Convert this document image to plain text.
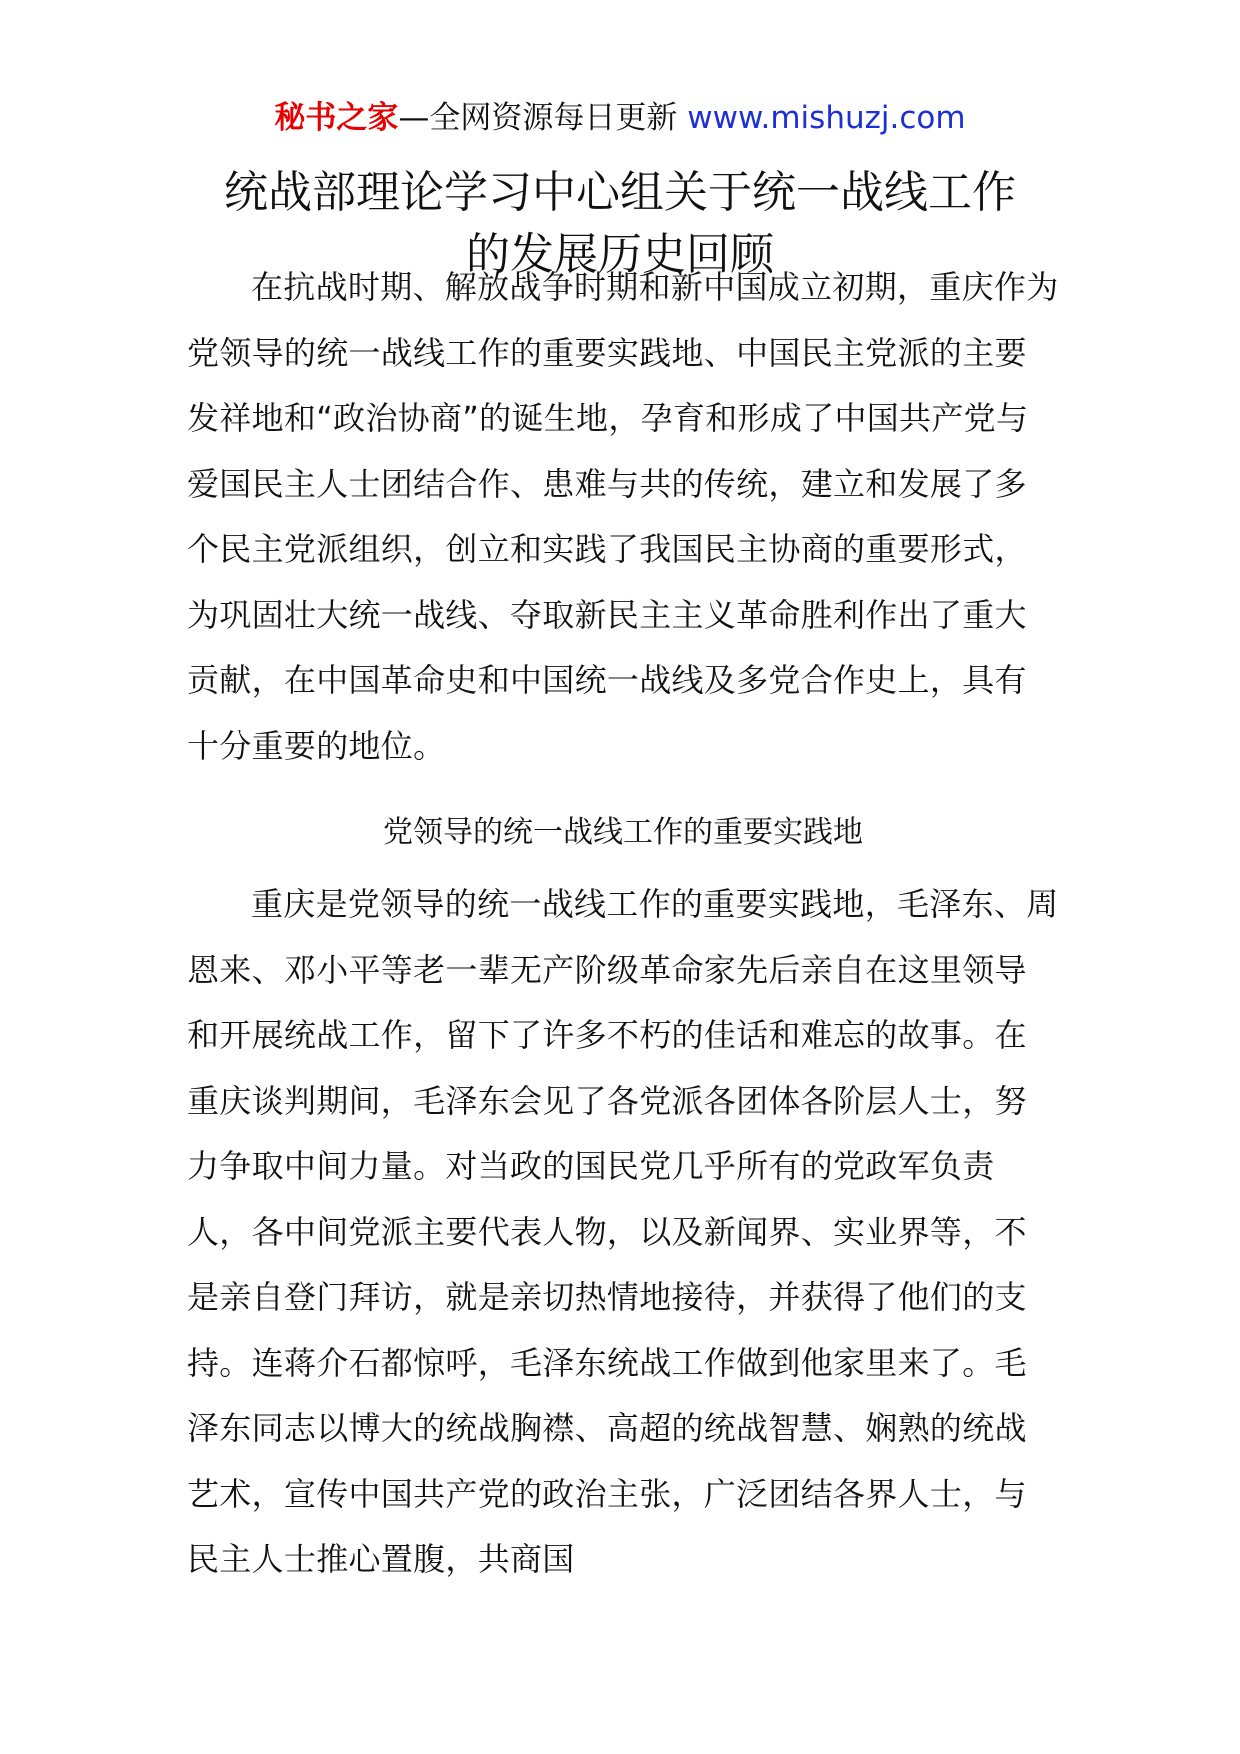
秘书之家—全网资源每日更新 www.mishuzj.com
统战部理论学习中心组关于统一战线工作
的发展历史回顾

在抗战时期、解放战争时期和新中国成立初期，重庆作为党领导的统一战线工作的重要实践地、中国民主党派的主要发祥地和“政治协商”的诞生地，孕育和形成了中国共产党与爱国民主人士团结合作、患难与共的传统，建立和发展了多个民主党派组织，创立和实践了我国民主协商的重要形式，为巩固壮大统一战线、夺取新民主主义革命胜利作出了重大贡献，在中国革命史和中国统一战线及多党合作史上，具有十分重要的地位。

党领导的统一战线工作的重要实践地

重庆是党领导的统一战线工作的重要实践地，毛泽东、周恩来、邓小平等老一辈无产阶级革命家先后亲自在这里领导和开展统战工作，留下了许多不朽的佳话和难忘的故事。在重庆谈判期间，毛泽东会见了各党派各团体各阶层人士，努力争取中间力量。对当政的国民党几乎所有的党政军负责人，各中间党派主要代表人物，以及新闻界、实业界等，不是亲自登门拜访，就是亲切热情地接待，并获得了他们的支持。连蒋介石都惊呼，毛泽东统战工作做到他家里来了。毛泽东同志以博大的统战胸襟、高超的统战智慧、娴熟的统战艺术，宣传中国共产党的政治主张，广泛团结各界人士，与民主人士推心置腹，共商国
